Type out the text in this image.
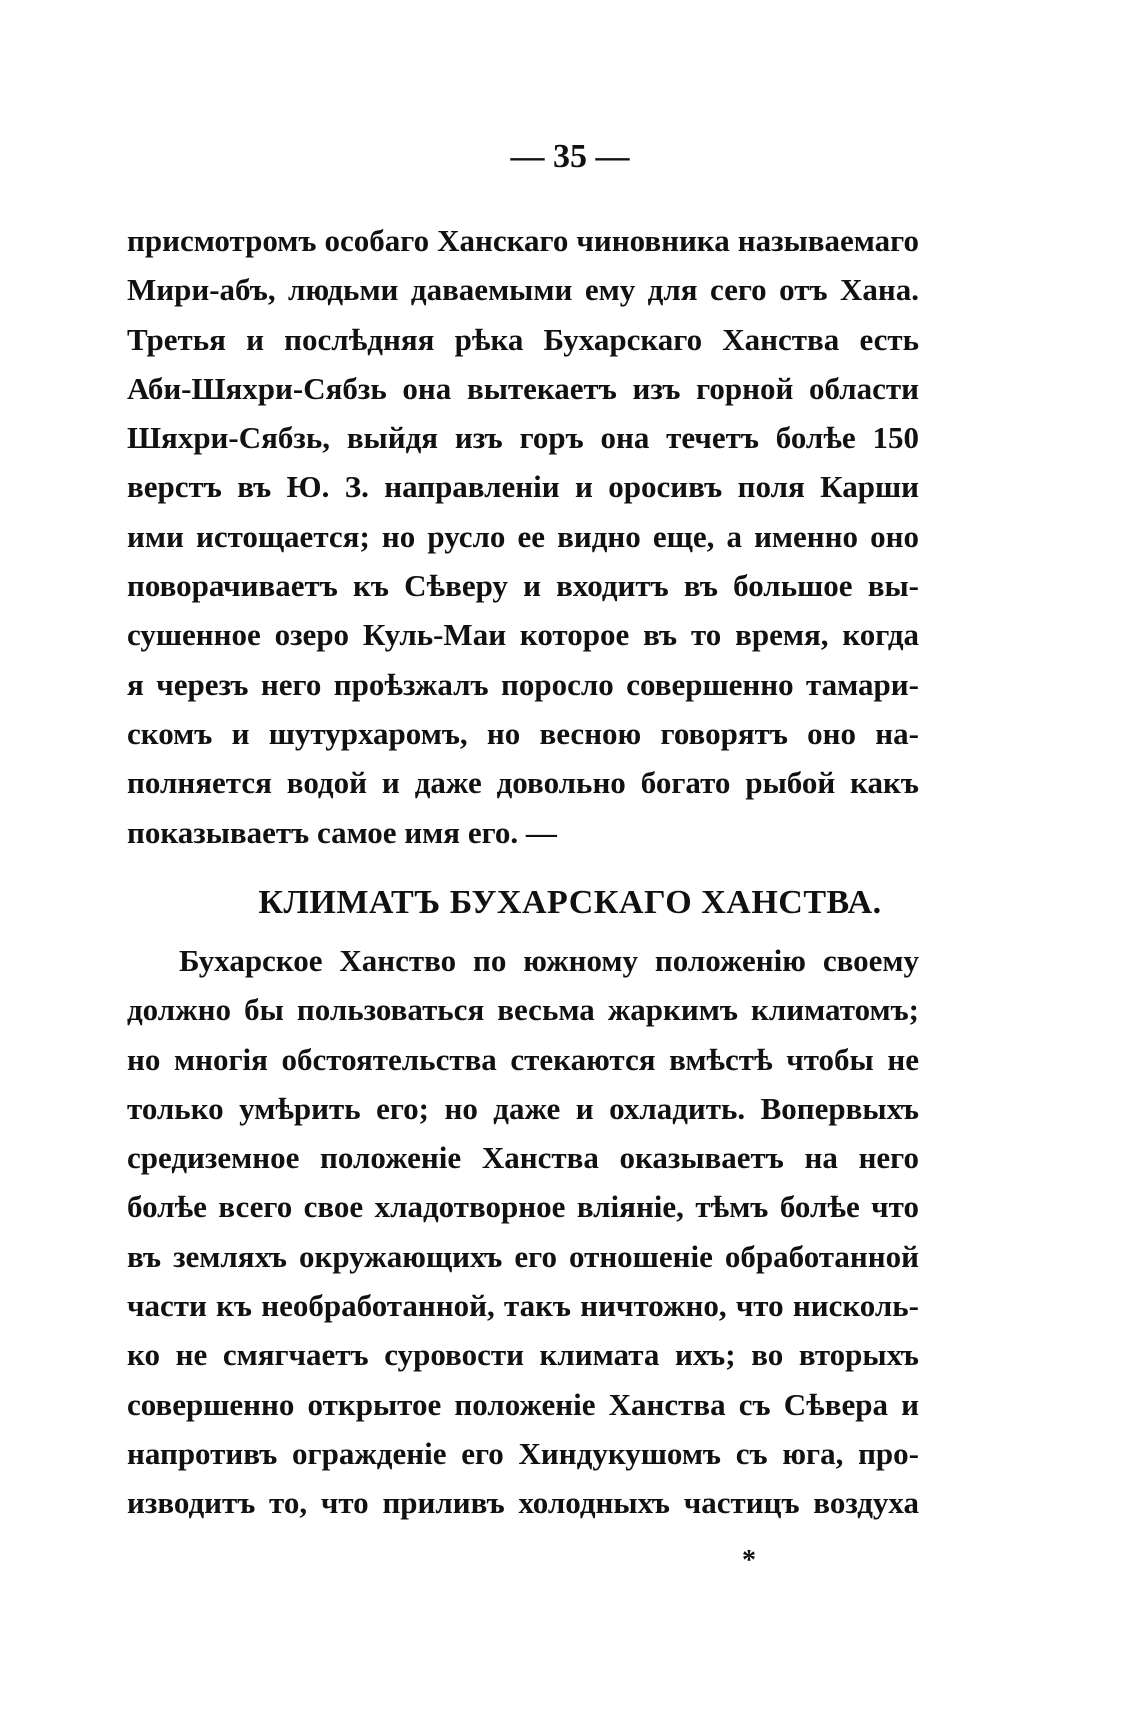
— 35 —
присмотромъ особаго Ханскаго чиновника называемаго
Мири-абъ, людьми даваемыми ему для сего отъ Хана.
Третья и послѣдняя рѣка Бухарскаго Ханства есть
Аби-Шяхри-Сябзь она вытекаетъ изъ горной области
Шяхри-Сябзь, выйдя изъ горъ она течетъ болѣе 150
верстъ въ Ю. З. направленіи и оросивъ поля Карши
ими истощается; но русло ее видно еще, а именно оно
поворачиваетъ къ Сѣверу и входитъ въ большое вы-
сушенное озеро Куль-Маи которое въ то время, когда
я черезъ него проѣзжалъ поросло совершенно тамари-
скомъ и шутурхаромъ, но весною говорятъ оно на-
полняется водой и даже довольно богато рыбой какъ
показываетъ самое имя его. —
КЛИМАТЪ БУХАРСКАГО ХАНСТВА.
Бухарское Ханство по южному положенію своему
должно бы пользоваться весьма жаркимъ климатомъ;
но многія обстоятельства стекаются вмѣстѣ чтобы не
только умѣрить его; но даже и охладить. Вопервыхъ
средиземное положеніе Ханства оказываетъ на него
болѣе всего свое хладотворное вліяніе, тѣмъ болѣе что
въ земляхъ окружающихъ его отношеніе обработанной
части къ необработанной, такъ ничтожно, что нисколь-
ко не смягчаетъ суровости климата ихъ; во вторыхъ
совершенно открытое положеніе Ханства съ Сѣвера и
напротивъ огражденіе его Хиндукушомъ съ юга, про-
изводитъ то, что приливъ холодныхъ частицъ воздуха
*
